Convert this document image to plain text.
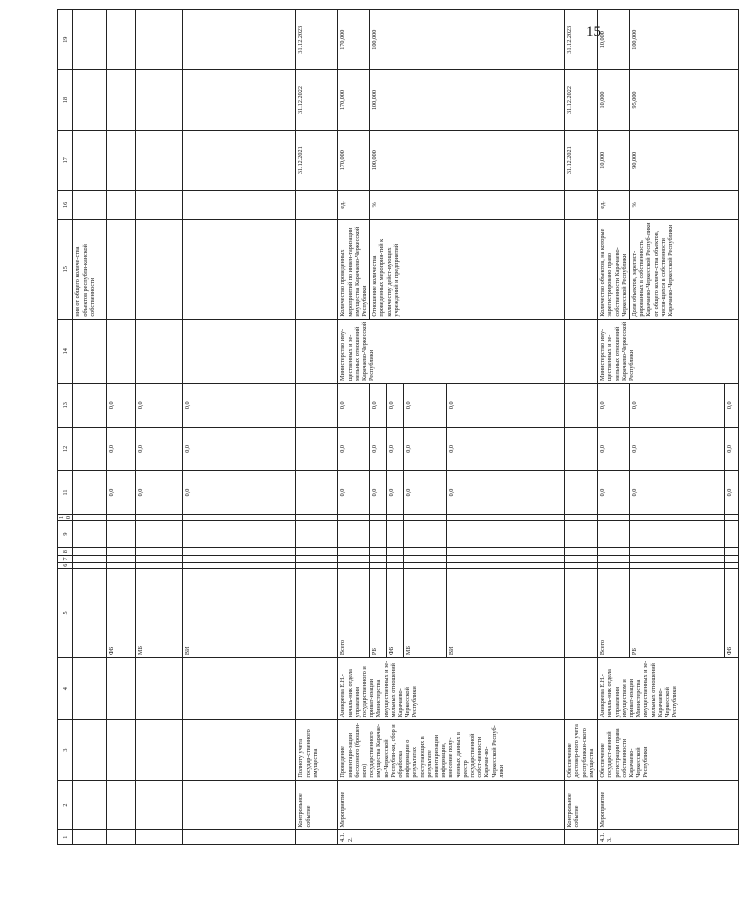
15
1	2	3	4	5	6	7	8	9	10	11	12	13	14	15	16	17	18	19
														ния от общего количе-ства объектов республи-канской собственности				
				ФБ						0,0	0,0	0,0						
				МБ						0,0	0,0	0,0						
				ВИ						0,0	0,0	0,0						
	Контрольное событие	Полноту учета государ-ственного имущества														31.12.2021	31.12.2022	31.12.2023
4.1.2.	Мероприятие	Проведение инвентари-зации бесхозного (брошен-ного) государственного имущества Карачае-во-Черкесской Республи-ки, сбор и обработка информации о результатах поступающих в результате инвентаризации информации, внесение полу-ченных данных в реестр государственной собст-венности Карачае-во-Черкесской Респуб-лики	Аникреева Е.Н.- началь-ник отдела управления государственного и приват-изации Министерства имущественных и зе-мельных отношений Карачаево-Черкесской Республики	Всего						0,0	0,0	0,0	Министерство иму-щественных и зе-мельных отношений Карачаево-Черкесской Республики	Количество проведенных мероприятий по инвен-таризации имущества Карачаево-Черкесской Республики	ед.	170,000	170,000	170,000
				РБ						0,0	0,0	0,0		Отношение количества проведенных мероприя-тий к количеству дейст-вующих учреждений и предприятий	%	100,000	100,000	100,000
				ФБ						0,0	0,0	0,0						
				МБ						0,0	0,0	0,0						
				ВИ						0,0	0,0	0,0						
	Контрольное событие	Обеспечение достовер-ного учета республикан-ского имущества														31.12.2021	31.12.2022	31.12.2023
4.1.3.	Мероприятие	Обеспечение государст-венной регистрации права собственности Карачаево-Черкесской Республики	Аникреева Е.Н.- началь-ник отдела управления имуществом и приват-изации Министерства имущественных и зе-мельных отношений Карачаево-Черкесской Республики	Всего						0,0	0,0	0,0	Министерство иму-щественных и зе-мельных отношений Карачаево-Черкесской Республики	Количество объектов, на которые зарегистрировано право собственности Карачаево-Черкесской Республики	ед.	10,000	10,000	10,000
				РБ						0,0	0,0	0,0		Доля объектов, зарегист-рированных в собственность Карачаево-Черкесской Респуб-лики от общего количе-ства объектов, числя-щихся в собственности Карачаево-Черкесской Республики	%	90,000	95,000	100,000
				ФБ						0,0	0,0	0,0						
